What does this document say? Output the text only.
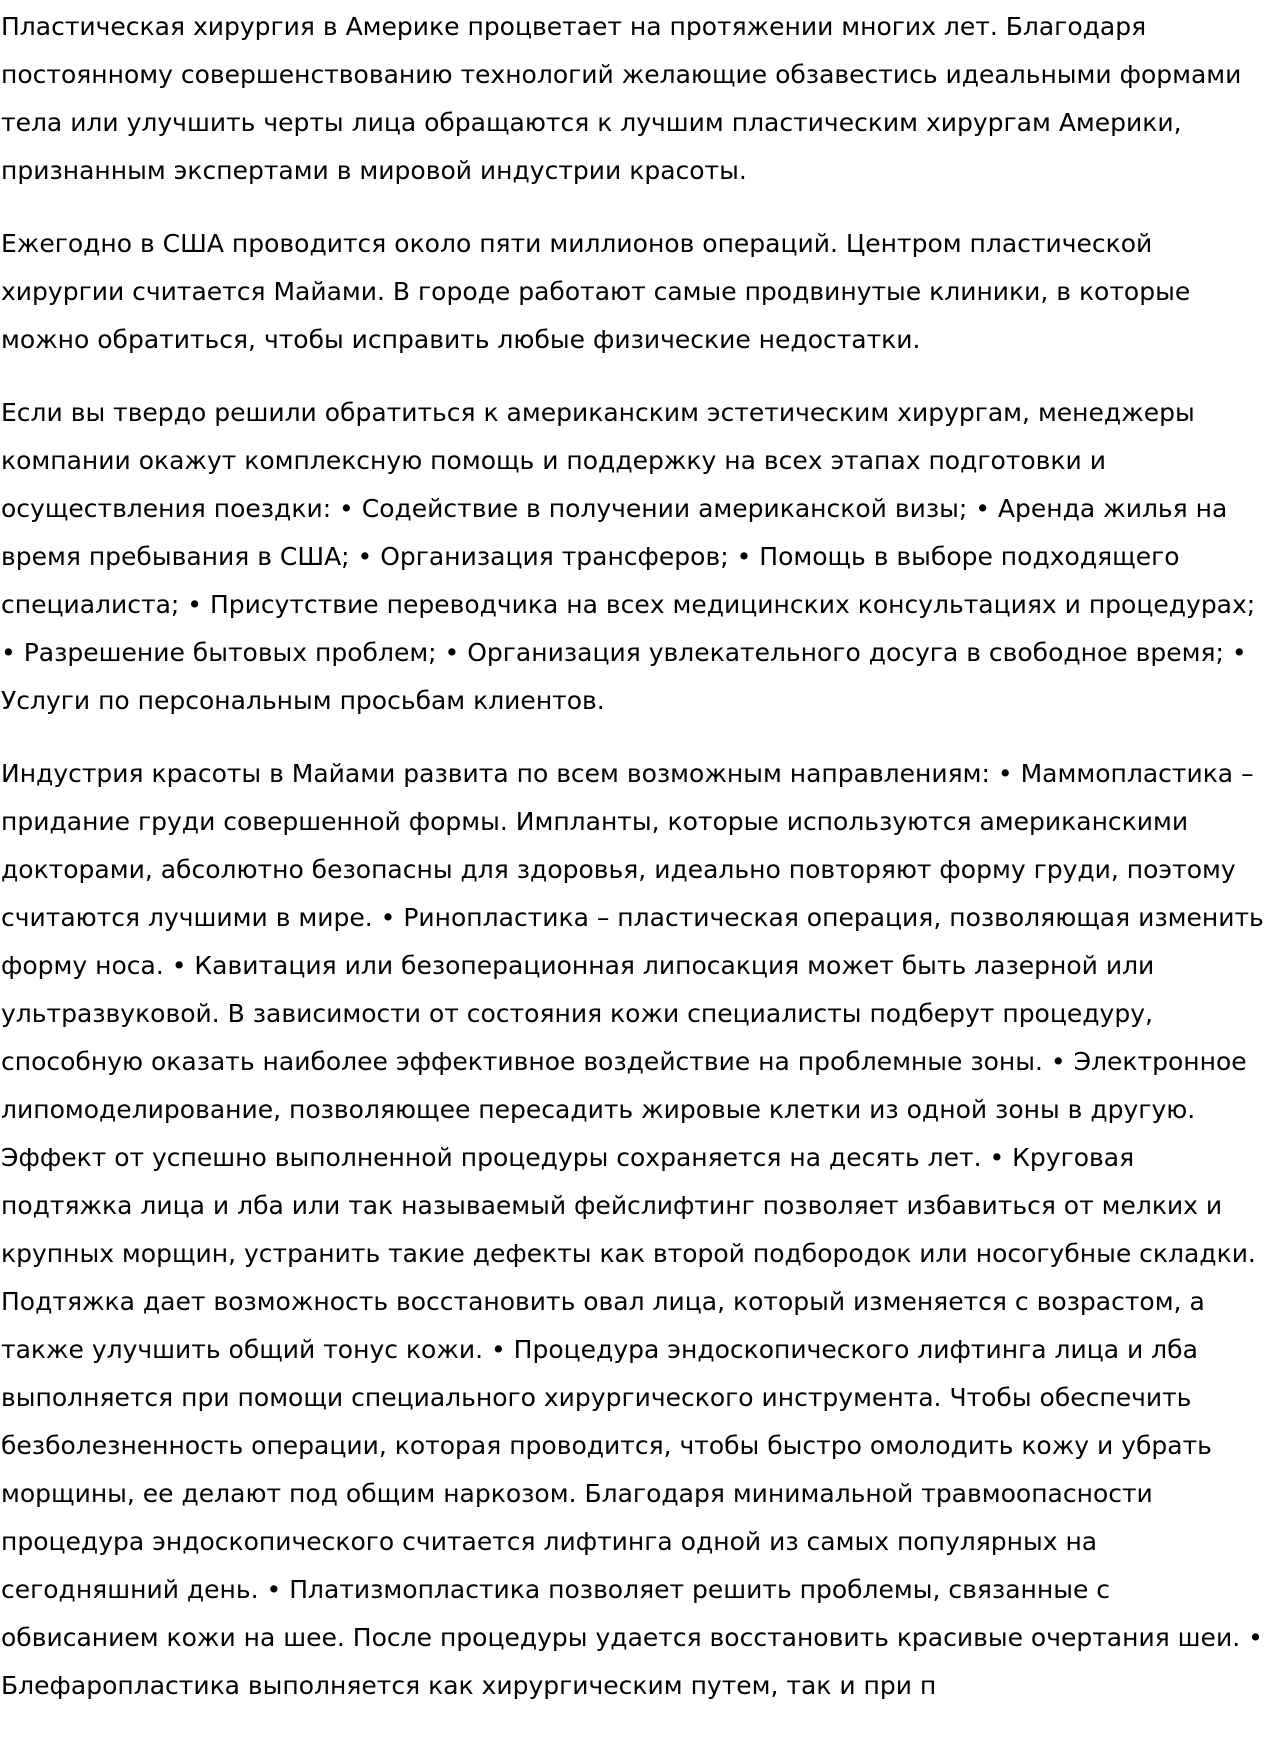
Пластическая хирургия в Америке процветает на протяжении многих лет. Благодаря постоянному совершенствованию технологий желающие обзавестись идеальными формами тела или улучшить черты лица обращаются к лучшим пластическим хирургам Америки, признанным экспертами в мировой индустрии красоты.

Ежегодно в США проводится около пяти миллионов операций. Центром пластической хирургии считается Майами. В городе работают самые продвинутые клиники, в которые можно обратиться, чтобы исправить любые физические недостатки.

Если вы твердо решили обратиться к американским эстетическим хирургам, менеджеры компании окажут комплексную помощь и поддержку на всех этапах подготовки и осуществления поездки: • Содействие в получении американской визы; • Аренда жилья на время пребывания в США; • Организация трансферов; • Помощь в выборе подходящего специалиста; • Присутствие переводчика на всех медицинских консультациях и процедурах; • Разрешение бытовых проблем; • Организация увлекательного досуга в свободное время; • Услуги по персональным просьбам клиентов.

Индустрия красоты в Майами развита по всем возможным направлениям: • Маммопластика – придание груди совершенной формы. Импланты, которые используются американскими докторами, абсолютно безопасны для здоровья, идеально повторяют форму груди, поэтому считаются лучшими в мире. • Ринопластика – пластическая операция, позволяющая изменить форму носа. • Кавитация или безоперационная липосакция может быть лазерной или ультразвуковой. В зависимости от состояния кожи специалисты подберут процедуру, способную оказать наиболее эффективное воздействие на проблемные зоны. • Электронное липомоделирование, позволяющее пересадить жировые клетки из одной зоны в другую. Эффект от успешно выполненной процедуры сохраняется на десять лет. • Круговая подтяжка лица и лба или так называемый фейслифтинг позволяет избавиться от мелких и крупных морщин, устранить такие дефекты как второй подбородок или носогубные складки. Подтяжка дает возможность восстановить овал лица, который изменяется с возрастом, а также улучшить общий тонус кожи. • Процедура эндоскопического лифтинга лица и лба выполняется при помощи специального хирургического инструмента. Чтобы обеспечить безболезненность операции, которая проводится, чтобы быстро омолодить кожу и убрать морщины, ее делают под общим наркозом. Благодаря минимальной травмоопасности процедура эндоскопического считается лифтинга одной из самых популярных на сегодняшний день. • Платизмопластика позволяет решить проблемы, связанные с обвисанием кожи на шее. После процедуры удается восстановить красивые очертания шеи. • Блефаропластика выполняется как хирургическим путем, так и при п
